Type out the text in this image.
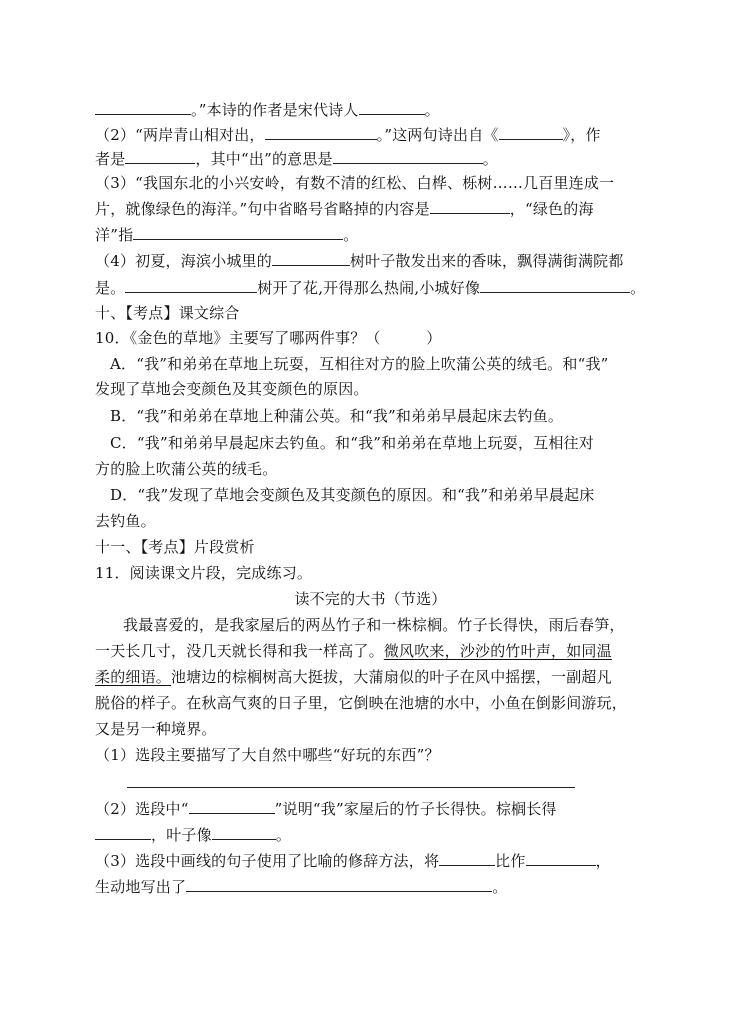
。”本诗的作者是宋代诗人	。
（2）“两岸青山相对出，	。”这两句诗出自《	》，作
者是	，其中“出”的意思是	。
（3）“我国东北的小兴安岭，有数不清的红松、白桦、栎树……几百里连成一
片，就像绿色的海洋。”句中省略号省略掉的内容是	，“绿色的海
洋”指	。
（4）初夏，海滨小城里的	树叶子散发出来的香味，飘得满街满院都
是。	树开了花,开得那么热闹,小城好像	。
十、【考点】课文综合
10．《金色的草地》主要写了哪两件事？（　　　）
A．“我”和弟弟在草地上玩耍，互相往对方的脸上吹蒲公英的绒毛。和“我”
发现了草地会变颜色及其变颜色的原因。
B．“我”和弟弟在草地上种蒲公英。和“我”和弟弟早晨起床去钓鱼。
C．“我”和弟弟早晨起床去钓鱼。和“我”和弟弟在草地上玩耍，互相往对
方的脸上吹蒲公英的绒毛。
D．“我”发现了草地会变颜色及其变颜色的原因。和“我”和弟弟早晨起床
去钓鱼。
十一、【考点】片段赏析
11．阅读课文片段，完成练习。
读不完的大书（节选）
我最喜爱的，是我家屋后的两丛竹子和一株棕榈。竹子长得快，雨后春笋，
一天长几寸，没几天就长得和我一样高了。微风吹来，沙沙的竹叶声，如同温
柔的细语。池塘边的棕榈树高大挺拔，大蒲扇似的叶子在风中摇摆，一副超凡
脱俗的样子。在秋高气爽的日子里，它倒映在池塘的水中，小鱼在倒影间游玩，
又是另一种境界。
（1）选段主要描写了大自然中哪些“好玩的东西”？
（2）选段中“	”说明“我”家屋后的竹子长得快。棕榈长得
，叶子像	。
（3）选段中画线的句子使用了比喻的修辞方法，将	比作	，
生动地写出了	。
